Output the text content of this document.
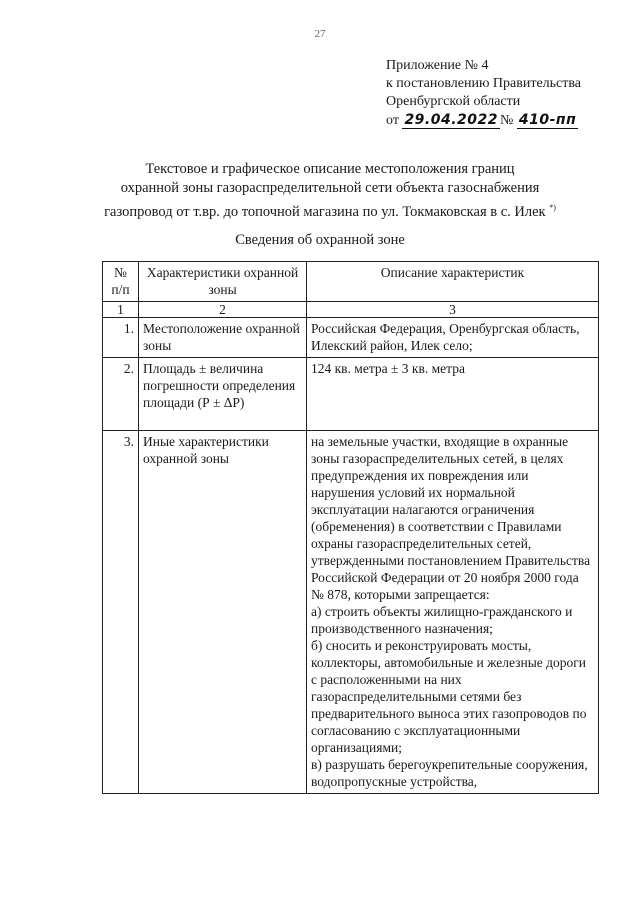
27
Приложение № 4
к постановлению Правительства
Оренбургской области
от 29.04.2022 № 410-пп
Текстовое и графическое описание местоположения границ
охранной зоны газораспределительной сети объекта газоснабжения
газопровод от т.вр. до топочной магазина по ул. Токмаковская в с. Илек *)
Сведения об охранной зоне
№ п/п	Характеристики охранной зоны	Описание характеристик
1	2	3
1.	Местоположение охранной зоны	Российская Федерация, Оренбургская область, Илекский район, Илек село;
2.	Площадь ± величина погрешности определения площади (Р ± ΔР)	124 кв. метра ± 3 кв. метра
3.	Иные характеристики охранной зоны	на земельные участки, входящие в охранные зоны газораспределительных сетей, в целях предупреждения их повреждения или нарушения условий их нормальной эксплуатации налагаются ограничения (обременения) в соответствии с Правилами охраны газораспределительных сетей, утвержденными постановлением Правительства Российской Федерации от 20 ноября 2000 года № 878, которыми запрещается:
а) строить объекты жилищно-гражданского и производственного назначения;
б) сносить и реконструировать мосты, коллекторы, автомобильные и железные дороги с расположенными на них газораспределительными сетями без предварительного выноса этих газопроводов по согласованию с эксплуатационными организациями;
в) разрушать берегоукрепительные сооружения, водопропускные устройства,
